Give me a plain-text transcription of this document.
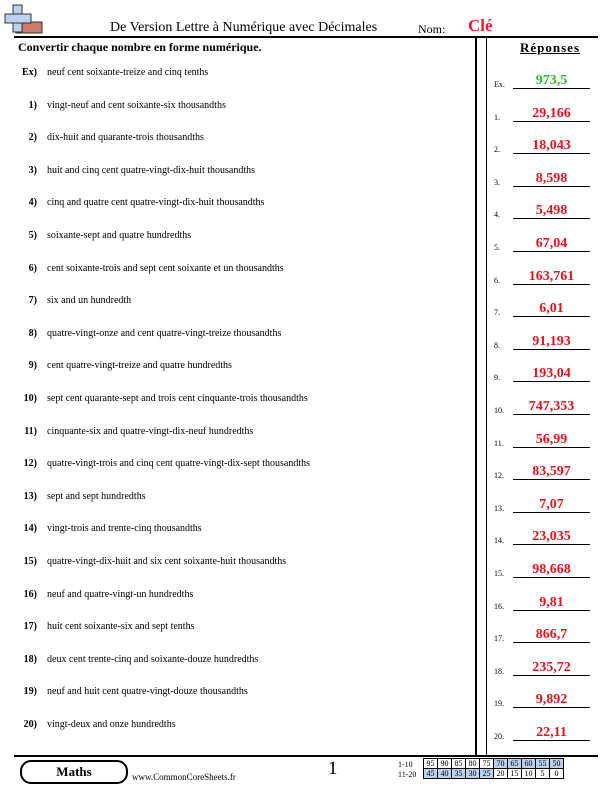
De Version Lettre à Numérique avec Décimales	Nom: Clé
Convertir chaque nombre en forme numérique.	Réponses
Ex) neuf cent soixante-treize and cinq tenths
1) vingt-neuf and cent soixante-six thousandths
2) dix-huit and quarante-trois thousandths
3) huit and cinq cent quatre-vingt-dix-huit thousandths
4) cinq and quatre cent quatre-vingt-dix-huit thousandths
5) soixante-sept and quatre hundredths
6) cent soixante-trois and sept cent soixante et un thousandths
7) six and un hundredth
8) quatre-vingt-onze and cent quatre-vingt-treize thousandths
9) cent quatre-vingt-treize and quatre hundredths
10) sept cent quarante-sept and trois cent cinquante-trois thousandths
11) cinquante-six and quatre-vingt-dix-neuf hundredths
12) quatre-vingt-trois and cinq cent quatre-vingt-dix-sept thousandths
13) sept and sept hundredths
14) vingt-trois and trente-cinq thousandths
15) quatre-vingt-dix-huit and six cent soixante-huit thousandths
16) neuf and quatre-vingt-un hundredths
17) huit cent soixante-six and sept tenths
18) deux cent trente-cinq and soixante-douze hundredths
19) neuf and huit cent quatre-vingt-douze thousandths
20) vingt-deux and onze hundredths
Ex.	973,5
1.	29,166
2.	18,043
3.	8,598
4.	5,498
5.	67,04
6.	163,761
7.	6,01
8.	91,193
9.	193,04
10.	747,353
11.	56,99
12.	83,597
13.	7,07
14.	23,035
15.	98,668
16.	9,81
17.	866,7
18.	235,72
19.	9,892
20.	22,11
Maths	www.CommonCoreSheets.fr	1	1-10
11-20
95	90	85	80	75	70	65	60	55	50
45	40	35	30	25	20	15	10	5	0
